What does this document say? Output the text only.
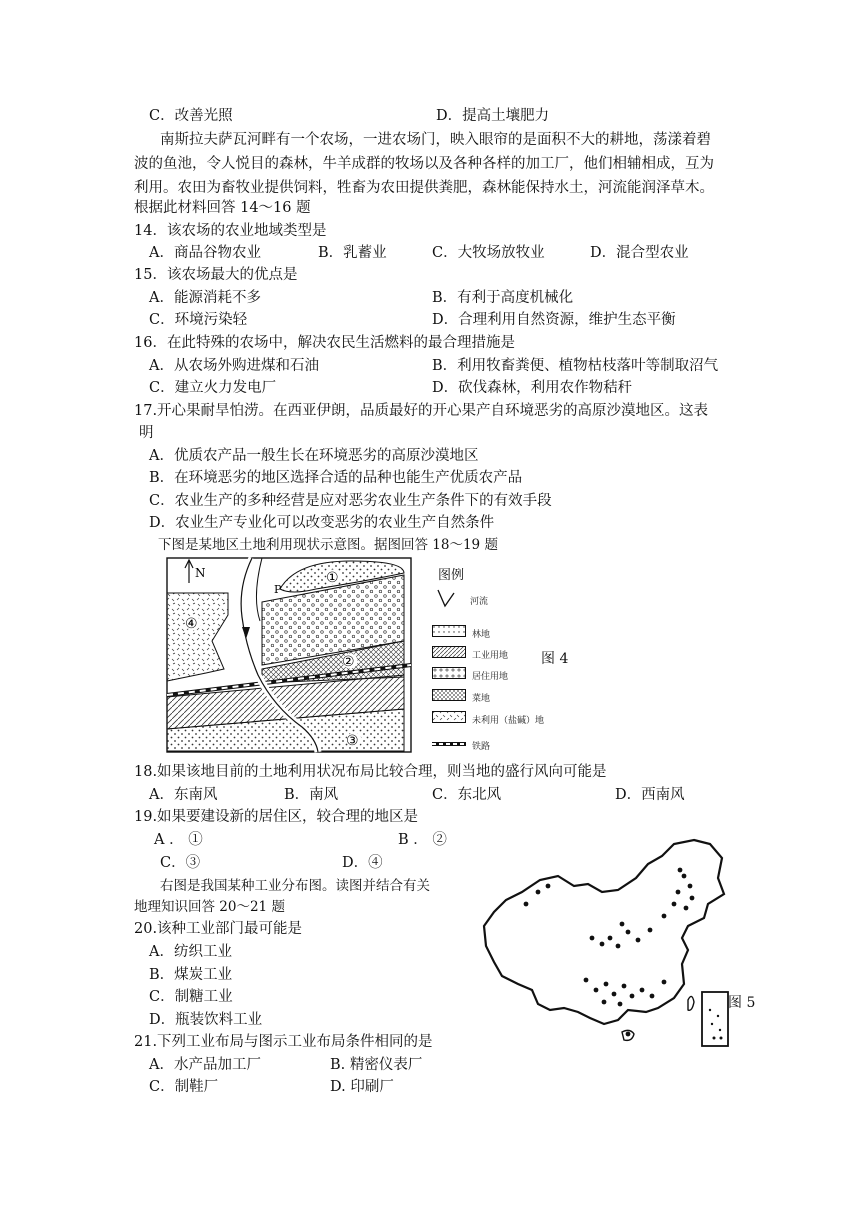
C．改善光照	D．提高土壤肥力
南斯拉夫萨瓦河畔有一个农场，一进农场门，映入眼帘的是面积不大的耕地，荡漾着碧
波的鱼池，令人悦目的森林，牛羊成群的牧场以及各种各样的加工厂，他们相辅相成，互为
利用。农田为畜牧业提供饲料，牲畜为农田提供粪肥，森林能保持水土，河流能润泽草木。
根据此材料回答 14～16 题
14．该农场的农业地域类型是
A．商品谷物农业	B．乳蓄业	C．大牧场放牧业	D．混合型农业
15．该农场最大的优点是
A．能源消耗不多	B．有利于高度机械化
C．环境污染轻	D．合理利用自然资源，维护生态平衡
16．在此特殊的农场中，解决农民生活燃料的最合理措施是
A．从农场外购进煤和石油	B．利用牧畜粪便、植物枯枝落叶等制取沼气
C．建立火力发电厂	D．砍伐森林，利用农作物秸秆
17.开心果耐旱怕涝。在西亚伊朗，品质最好的开心果产自环境恶劣的高原沙漠地区。这表
明
A．优质农产品一般生长在环境恶劣的高原沙漠地区
B．在环境恶劣的地区选择合适的品种也能生产优质农产品
C．农业生产的多种经营是应对恶劣农业生产条件下的有效手段
D．农业生产专业化可以改变恶劣的农业生产自然条件
下图是某地区土地利用现状示意图。据图回答 18～19 题
N
P
①
②
③
④
图例
河流
林地
工业用地
居住用地
菜地
未利用（盐碱）地
铁路
图 4
18.如果该地目前的土地利用状况布局比较合理，则当地的盛行风向可能是
A．东南风	B．南风	C．东北风	D．西南风
19.如果要建设新的居住区，较合理的地区是
A ． ①	B ． ②
C．③	D．④
右图是我国某种工业分布图。读图并结合有关
地理知识回答 20～21 题
20.该种工业部门最可能是
A．纺织工业
B．煤炭工业
C．制糖工业
D．瓶装饮料工业
21.下列工业布局与图示工业布局条件相同的是
A．水产品加工厂	B. 精密仪表厂
C．制鞋厂	D. 印刷厂
图 5
